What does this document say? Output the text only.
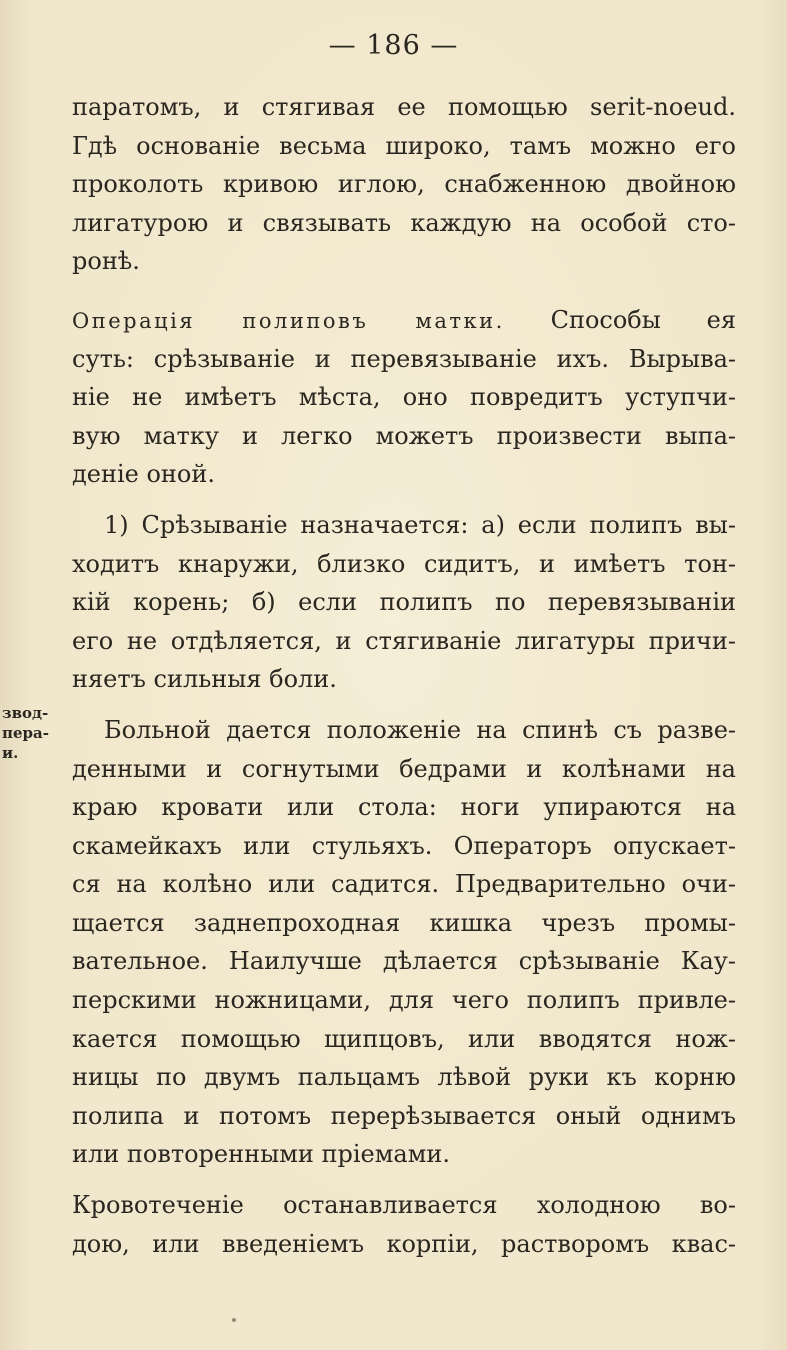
— 186 —
звод-
пера-
и.
паратомъ, и стягивая ее помощью serit-noeud.
Гдѣ основаніе весьма широко, тамъ можно его
проколоть кривою иглою, снабженною двойною
лигатурою и связывать каждую на особой сто-
ронѣ.
Операція полиповъ матки. Способы ея
суть: срѣзываніе и перевязываніе ихъ. Вырыва-
ніе не имѣетъ мѣста, оно повредитъ уступчи-
вую матку и легко можетъ произвести выпа-
деніе оной.
1) Срѣзываніе назначается: а) если полипъ вы-
ходитъ кнаружи, близко сидитъ, и имѣетъ тон-
кій корень; б) если полипъ по перевязываніи
его не отдѣляется, и стягиваніе лигатуры причи-
няетъ сильныя боли.
Больной дается положеніе на спинѣ съ разве-
денными и согнутыми бедрами и колѣнами на
краю кровати или стола: ноги упираются на
скамейкахъ или стульяхъ. Операторъ опускает-
ся на колѣно или садится. Предварительно очи-
щается заднепроходная кишка чрезъ промы-
вательное. Наилучше дѣлается срѣзываніе Кау-
перскими ножницами, для чего полипъ привле-
кается помощью щипцовъ, или вводятся нож-
ницы по двумъ пальцамъ лѣвой руки къ корню
полипа и потомъ перерѣзывается оный однимъ
или повторенными пріемами.
Кровотеченіе останавливается холодною во-
дою, или введеніемъ корпіи, растворомъ квас-
